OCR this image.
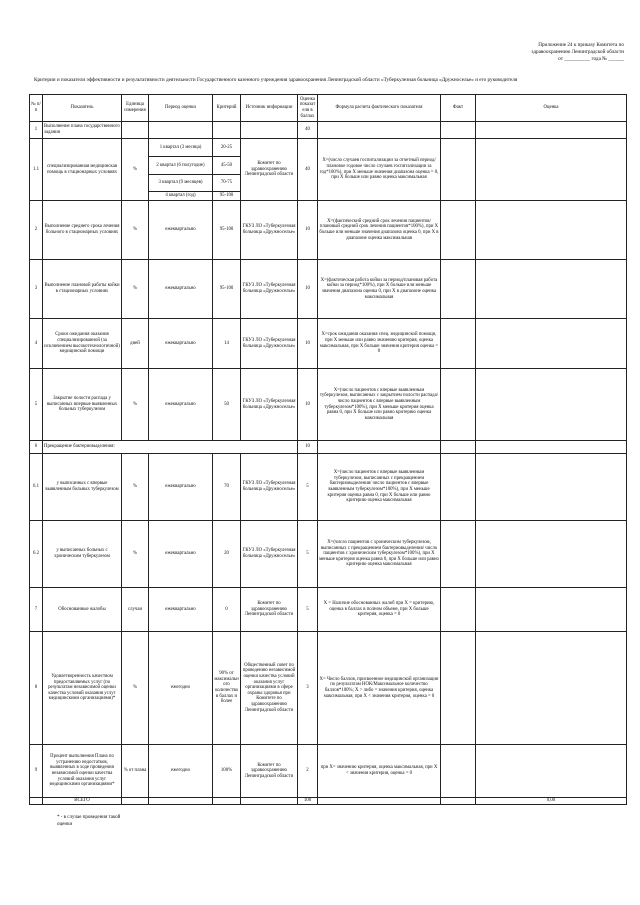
Приложение 24 к приказу Комитета по
здравоохранению Ленинградской области
от __________ года № ______
Критерии и показатели эффективности и результативности деятельности Государственного казенного учреждения здравоохранения Ленинградской области «Туберкулезная больница «Дружноселье» и его руководителя
№ п/п	Показатель	Единица измерения	Период оценки	Критерий	Источник информации	Оценка показателя в баллах	Формула расчета фактического показателя	Факт	Оценка
1	Выполнение плана государственного задания					40			
1.1	специализированная медицинская помощь в стационарных условиях	%	1 квартал (3 месяца)	20-25	Комитет по здравоохранению Ленинградской области	40	Х=(число случаев госпитализации за отчетный период/ плановое годовое число случаев госпитализации за год*100%), при Х меньше значения диапазона оценка = 0, при Х больше или равно оценка максимальная		
			2 квартал (6 полугодие)	45-50					
			3 квартал (9 месяцев)	70-75					
			4 квартал (год)	95-100					
2	Выполнение среднего срока лечения больного в стационарных условиях	%	ежеквартально	95-100	ГКУЗ ЛО «Туберкулезная больница «Дружноселье»	10	Х=(фактический средний срок лечения пациентов/плановый средний срок лечения пациентов*100%), при Х больше или меньше значения диапазона оценка 0, при Х в диапазоне оценка максимальная		
3	Выполнение плановой работы койки в стационарных условиях	%	ежеквартально	95-100	ГКУЗ ЛО «Туберкулезная больница «Дружноселье»	10	Х=(фактическая работа койки за период/плановая работа койки за период*100%), при Х больше или меньше значения диапазона оценка 0, при Х в диапазоне оценка максимальная		
4	Сроки ожидания оказания специализированной (за исключением высокотехнологичной) медицинской помощи	дней	ежеквартально	14	ГКУЗ ЛО «Туберкулезная больница «Дружноселье»	10	Х=срок ожидания оказания спец. медицинской помощи, при Х меньше или равно значению критерия, оценка максимальная, при Х больше значения критерия оценка = 0		
5	Закрытие полости распада у выписанных впервые выявленных больных туберкулезом	%	ежеквартально	50	ГКУЗ ЛО «Туберкулезная больница «Дружноселье»	10	Х=(число пациентов с впервые выявленным туберкулезом, выписанных с закрытием полости распада/ число пациентов с впервые выявленным туберкулезом*100%), при Х меньше критерия оценка равна 0, при Х больше или равно критерию оценка максимальная		
6	Прекращение бактериовыделения:					10			
6.1	у выписанных с впервые выявленным больных туберкулезом	%	ежеквартально	70	ГКУЗ ЛО «Туберкулезная больница «Дружноселье»	5	Х=(число пациентов с впервые выявленным туберкулезом, выписанных с прекращением бактериовыделения/ число пациентов с впервые выявленным туберкулезом*100%), при Х меньше критерия оценка равна 0, при Х больше или равно критерию оценка максимальная		
6.2	у выписанных больных с хроническим туберкулезом	%	ежеквартально	20	ГКУЗ ЛО «Туберкулезная больница «Дружноселье»	5	Х=(число пациентов с хроническим туберкулезом, выписанных с прекращением бактериовыделения/ число пациентов с хроническим туберкулезом*100%), при Х меньше критерия оценка равна 0, при Х больше или равно критерию оценка максимальная		
7	Обоснованные жалобы	случаи	ежеквартально	0	Комитет по здравоохранению Ленинградской области	5	Х = Наличие обоснованных жалоб при Х = критерию, оценка в баллах в полном объеме, при Х больше критерия, оценка = 0		
8	Удовлетворенность качеством предоставляемых услуг (по результатам независимой оценки качества условий оказания услуг медицинскими организациями)*	%	ежегодно	90% от максимального количества в баллах и более	Общественный совет по проведению независимой оценки качества условий оказания услуг организациями в сфере охраны здоровья при Комитете по здравоохранению Ленинградской области	3	Х= Число баллов, присвоенное медицинской организации по результатам НОК/Максимальное количество баллов*100%; Х > либо = значения критерия, оценка максимальная, при Х < значения критерия, оценка = 0		
9	Процент выполнения Плана по устранению недостатков, выявленных в ходе проведения независимой оценки качества условий оказания услуг медицинскими организациями*	% от плана	ежегодно	100%	Комитет по здравоохранению Ленинградской области	2	при Х= значению критерия, оценка максимальная, при Х < значения критерия, оценка = 0		
	ВСЕГО					100			0,00
* - в случае проведения такой
оценки
